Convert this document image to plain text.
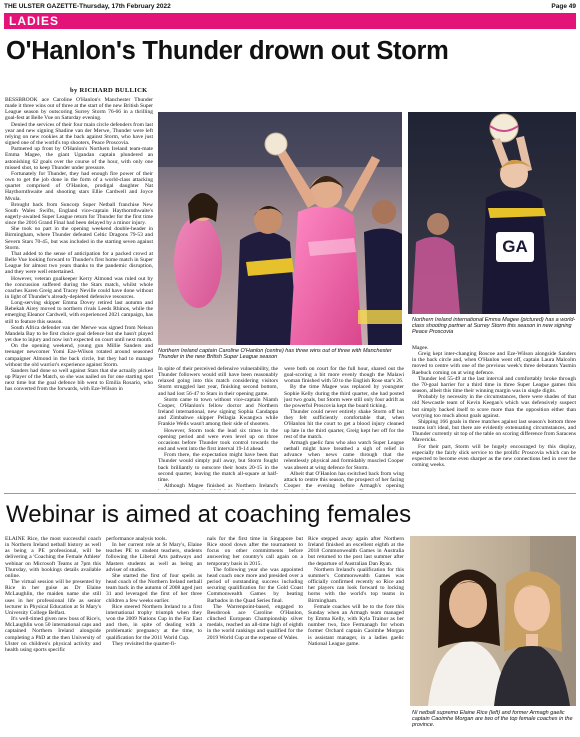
THE ULSTER GAZETTE-Thursday, 17th February 2022	Page 49
LADIES
O'Hanlon's Thunder drown out Storm
by RICHARD BULLICK

BESSBROOK ace Caroline O'Hanlon's Manchester Thunder made it three wins out of three at the start of the new British Super League season by outscoring Surrey Storm 76-66 in a thrilling goal-fest at Belle Vue on Saturday evening.

Denied the services of their four main circle defenders from last year and new signing Shadine van der Merwe, Thunder were left relying on new rookies at the back against Storm, who have just signed one of the world's top shooters, Peace Proscovia.

Partnered up front by O'Hanlon's Northern Ireland team-mate Emma Magee, the giant Ugandan captain plundered an astonishing 62 goals over the course of the hour, with only one missed shot, to keep Thunder under pressure.

Fortunately for Thunder, they had enough fire power of their own to get the job done in the form of a world-class attacking quartet comprised of O'Hanlon, prodigal daughter Nat Haythornthwaite and shooting stars Ellie Cardwell and Joyce Mvula.

Brought back from Suncorp Super Netball franchise New South Wales Swifts, England vice-captain Haythornthwaite's eagerly-awaited Super League return for Thunder for the first time since the 2016 Grand Final had been delayed by a minor injury.

She took no part in the opening weekend double-header in Birmingham, where Thunder defeated Celtic Dragons 79-53 and Severn Stars 70-45, but was included in the starting seven against Storm.

That added to the sense of anticipation for a packed crowd at Belle Vue looking forward to Thunder's first home match in Super League for almost two years thanks to the pandemic disruption, and they were well entertained.

However, veteran goalkeeper Kerry Almond was ruled out by the concussion suffered during the Stars match, whilst whole coaches Karen Greig and Tracey Neville could have done without in light of Thunder's already-depleted defensive resources.

Long-serving skipper Emma Dovey retired last autumn and Rebekah Airey moved to northern rivals Leeds Rhinos, while the emerging Eleanor Cardwell, with experienced 2021 campaign, has still to feature this season.

South Africa defender van der Merwe was signed from Nelson Mandela Bay to be first choice goal defence but she hasn't played yet due to injury and now isn't expected on court until next month.

On the opening weekend, young gun Millie Sanders and teenager newcomer Yomi Eze-Wilson rotated around seasoned campaigner Almond in the back circle, but they had to manage without the old warrior's experience against Storm.

Sanders had done so well against Stars that she actually picked up Player of the Match, so she was nailed on for one starting spot next time but the goal defence bib went to Emilia Rosario, who has converted from the forwards, with Eze-Wilson in

Northern Ireland captain Caroline O'Hanlon (centre) has three wins out of three with Manchester Thunder in the new British Super League season
GA
Northern Ireland international Emma Magee (pictured) has a world-class shooting partner at Surrey Storm this season in new signing Peace Proscovia

In spite of their perceived defensive vulnerability, the Thunder followers would still have been reasonably relaxed going into this match considering visitors Storm struggled last year, finishing second bottom, and had lost 56-47 to Stars in their opening game.

Storm came to town without vice-captain Niamh Cooper, O'Hanlon's fellow doctor and Northern Ireland international, new signing Sophia Candappa and Zimbabwe skipper Pellagia Kwangwa while Frankie Wells wasn't among their side of shooters.

However, Storm took the lead six times in the opening period and were even level up on three occasions before Thunder took control towards the end and went into the first interval 19-14 ahead.

From there, the expectation might have been that Thunder would simply pull away, but Storm fought back brilliantly to outscore their hosts 20-15 in the second quarter, leaving the match all-square at half-time.

Although Magee finished as Northern Ireland's

were both on court for the full hour, shared out the goal-scoring a bit more evenly though the Malawi woman finished with 50 to the English Rose star's 26.

By the time Magee was replaced by youngster Sophie Kelly during the third quarter, she had posted just two goals, but Storm were still only four adrift as the powerful Proscovia kept the board ticking.

Thunder could never entirely shake Storm off but they felt sufficiently comfortable that, when O'Hanlon hit the court to get a blood injury cleaned up late in the third quarter, Greig kept her off for the rest of the match.

Armagh gaelic fans who also watch Super League netball might have breathed a sigh of relief in advance when news came through that the relentlessly physical and formidably muscled Cooper was absent at wing defence for Storm.

Albeit that O'Hanlon has switched back from wing attack to centre this season, the prospect of her facing Cooper the evening before Armagh's opening

Magee.

Greig kept inter-changing Roscoe and Eze-Wilson alongside Sanders in the back circle and, when O'Hanlon went off, captain Laura Malcolm moved to centre with one of the previous week's three debutants Yasmin Raebuck coming on at wing defence.

Thunder led 55-49 at the last interval and comfortably broke through the 70-goal barrier for a third time in three Super League games this season, albeit this time their winning margin was in single digits.

Probably by necessity in the circumstances, there were shades of that old Newcastle team of Kevin Keegan's which was defensively suspect but simply backed itself to score more than the opposition either than worrying too much about goals against.

Shipping 166 goals in three matches against last season's bottom three teams isn't ideal, but there are evidently extenuating circumstances, and Thunder currently sit top of the table on scoring difference from Saracens Mavericks.

For their part, Storm will be hugely encouraged by this display, especially the fairly slick service to the prolific Proscovia which can be expected to become even sharper as the new connections bed in over the coming weeks.

Webinar is aimed at coaching females

ELAINE Rice, the most successful coach in Northern Ireland netball history as well as being a PE professional, will be delivering a 'Coaching the Female Athlete' webinar on Microsoft Teams at 7pm this Thursday, with bookings details available online.

The virtual session will be presented by Rice in her guise as Dr Elaine McLaughlin, the maiden name she still uses in her professional life as senior lecturer in Physical Education at St Mary's University College Belfast.

It's well-timed given new boss of Rice's, McLaughlin won 50 international caps and captained Northern Ireland alongside completing a PhD at the then University of Ulster on children's physical activity and health using sports specific

performance analysis tools.

In her current role at St Mary's, Elaine teaches PE to student teachers, students following the Liberal Arts pathways and Masters students as well as being an adviser of studies.

She started the first of four spells as head coach of the Northern Ireland netball team back in the autumn of 2008 aged just 31 and leveraged the first of her three children a few weeks earlier.

Rice steered Northern Ireland to a first international trophy triumph when they won the 2009 Nations Cup in the Far East and then, in spite of dealing with a problematic pregnancy at the time, to qualification for the 2011 World Cup.

They revisited the quarter-fi-

nals for the first time in Singapore but Rice stood down after the tournament to focus on other commitments before answering her country's call again on a temporary basis in 2015.

The following year she was appointed head coach once more and presided over a period of outstanding success including securing qualification for the Gold Coast Commonwealth Games by beating Barbados in the Quad Series final.

The Warrenpoint-based, engaged to Bessbrook ace Caroline O'Hanlon, clinched European Championship silver medals, reached an all-time high of eighth in the world rankings and qualified for the 2019 World Cup at the expense of Wales.

Rice stepped away again after Northern Ireland finished an excellent eighth at the 2018 Commonwealth Games in Australia but returned to the post last summer after the departure of Australian Dan Ryan.

Northern Ireland's qualification for this summer's Commonwealth Games was officially confirmed recently so Rice and her players can look forward to locking horns with the world's top teams in Birmingham.

Female coaches will be to the fore this Sunday when an Armagh team managed by Emma Kelly, with Kyla Trainor as her number two, face Fermanagh for whom former Orchard captain Caoimhe Morgan is assistant manager, in a ladies gaelic National League game.

NI netball supremo Elaine Rice (left) and former Armagh gaelic captain Caoimhe Morgan are two of the top female coaches in the province.
